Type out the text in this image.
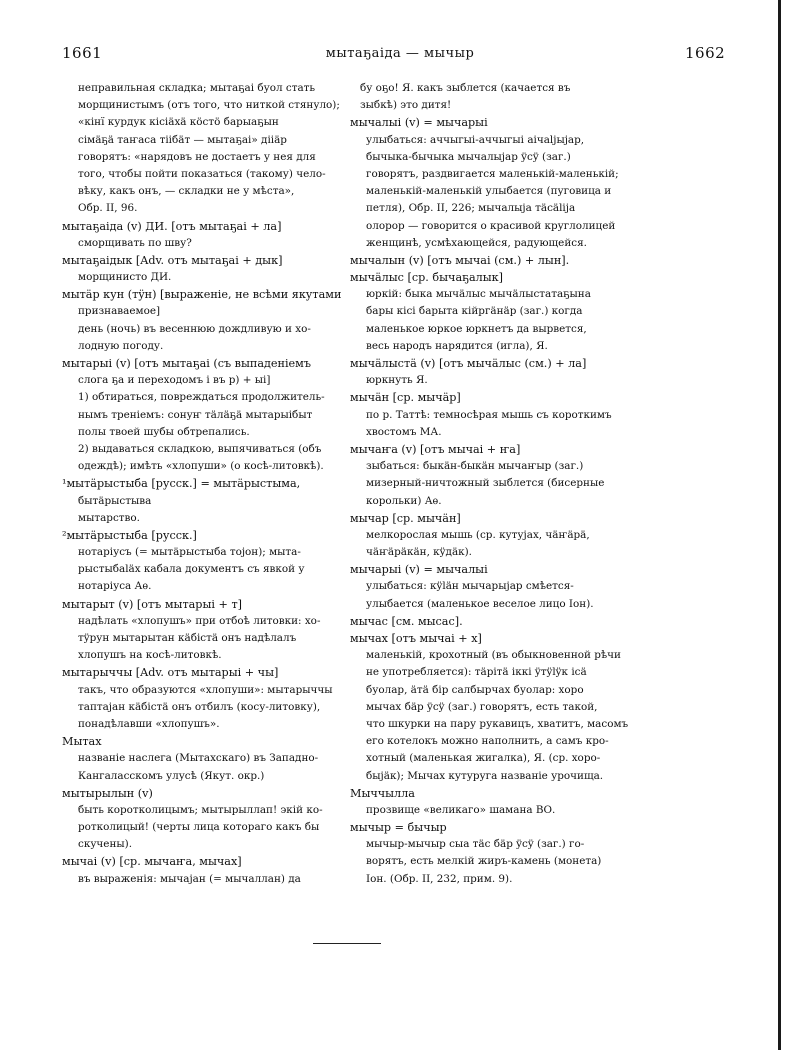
1661	мытаҕаіда — мычыр	1662
неправильная складка; мытаҕаі буол стать
морщинистымъ (отъ того, что ниткой стянуло);
«кінї курдук кісіäxä кöстö барыаҕын
сімäҕä таҥаса тіібäт — мытаҕаі» дііäр
говорятъ: «нарядовъ не достаетъ у нея для
того, чтобы пойти показаться (такому) чело-
вѣку, какъ онъ, — складки не у мѣста»,
Обр. II, 96.
мытаҕаіда (v) ДИ. [отъ мытаҕаі + ла]
сморщивать по шву?
мытаҕаідык [Adv. отъ мытаҕаі + дык]
морщинисто ДИ.
мытäр кун (тÿн) [выраженіе, не всѣми якутами
признаваемое]
день (ночь) въ весеннюю дождливую и хо-
лодную погоду.
мытарыі (v) [отъ мытаҕаі (съ выпаденіемъ
слога ҕа и переходомъ і въ р) + ыі]
1) обтираться, повреждаться продолжитель-
нымъ треніемъ: сонуҥ тäлäҕä мытарыібыт
полы твоей шубы обтрепались.
2) выдаваться складкою, выпячиваться (объ
одеждѣ); имѣть «хлопуши» (о косѣ-литовкѣ).
¹мытäрыстыба [русск.] = мытäрыстыма,
бытäрыстыва
мытарство.
²мытäрыстыба [русск.]
нотаріусъ (= мытäрыстыба тоjон); мыта-
рыстыбаläх кабала документъ съ явкой у
нотаріуса Аѳ.
мытарыт (v) [отъ мытарыі + т]
надѣлать «хлопушъ» при отбоѣ литовки: хо-
тÿрун мытарытан кäбістä онъ надѣлалъ
хлопушъ на косѣ-литовкѣ.
мытарыччы [Adv. отъ мытарыі + чы]
такъ, что образуются «хлопуши»: мытарыччы
таптаjан кäбістä онъ отбилъ (косу-литовку),
понадѣлавши «хлопушъ».
Мытах
названіе наслега (Мытахскаго) въ Западно-
Кангаласскомъ улусѣ (Якут. окр.)
мытырылын (v)
быть коротколицымъ; мытырыллап! экій ко-
ротколицый! (черты лица котораго какъ бы
скучены).
мычаі (v) [ср. мычаҥа, мычах]
въ выраженія: мычаjан (= мычаллан) да
бу оҕо! Я. какъ зыблется (качается въ
зыбкѣ) это дитя!
мычалыі (v) = мычарыі
улыбаться: аччыгыі-аччыгыі аічаljыjар,
бычыка-бычыка мычалыjар ÿсÿ (заг.)
говорятъ, раздвигается маленькій-маленькій;
маленькій-маленькій улыбается (пуговица и
петля), Обр. II, 226; мычалыjа тäсäliја
олорор — говорится о красивой круглолицей
женщинѣ, усмѣхающейся, радующейся.
мычалын (v) [отъ мычаі (см.) + лын].
мычäлыс [ср. бычаҕалык]
юркій: быка мычäлыс мычäлыстатаҕына
бары кісі барыта кійргäнäр (заг.) когда
маленькое юркое юркнетъ да вырвется,
весь народъ нарядится (игла), Я.
мычäлыстä (v) [отъ мычäлыс (см.) + ла]
юркнуть Я.
мычäн [ср. мычäр]
по р. Таттѣ: темносѣрая мышь съ короткимъ
хвостомъ МА.
мычаҥа (v) [отъ мычаі + ҥа]
зыбаться: быкäн-быкäн мычаҥыр (заг.)
мизерный-ничтожный зыблется (бисерные
корольки) Аѳ.
мычар [ср. мычäн]
мелкорослая мышь (ср. кутуjах, чäҥäрä,
чäҥäрäкäн, кÿдäк).
мычарыі (v) = мычалыі
улыбаться: кÿläн мычарыjар смѣется-
улыбается (маленькое веселое лицо Іон).
мычас [см. мысас].
мычах [отъ мычаі + х]
маленькій, крохотный (въ обыкновенной рѣчи
не употребляется): тäрітä іккі ÿтÿlÿк ісä
буолар, äтä бір салбырчах буолар: хоро
мычах бäр ÿсÿ (заг.) говорятъ, есть такой,
что шкурки на пару рукавицъ, хватитъ, масомъ
его котелокъ можно наполнить, а самъ кро-
хотный (маленькая жигалка), Я. (ср. хоро-
быjäк); Мычах кутуруга названіе урочища.
Мыччылла
прозвище «великаго» шамана ВО.
мычыр = бычыр
мычыр-мычыр сыа тäс бäр ÿсÿ (заг.) го-
ворятъ, есть мелкій жиръ-камень (монета)
Іон. (Обр. II, 232, прим. 9).
